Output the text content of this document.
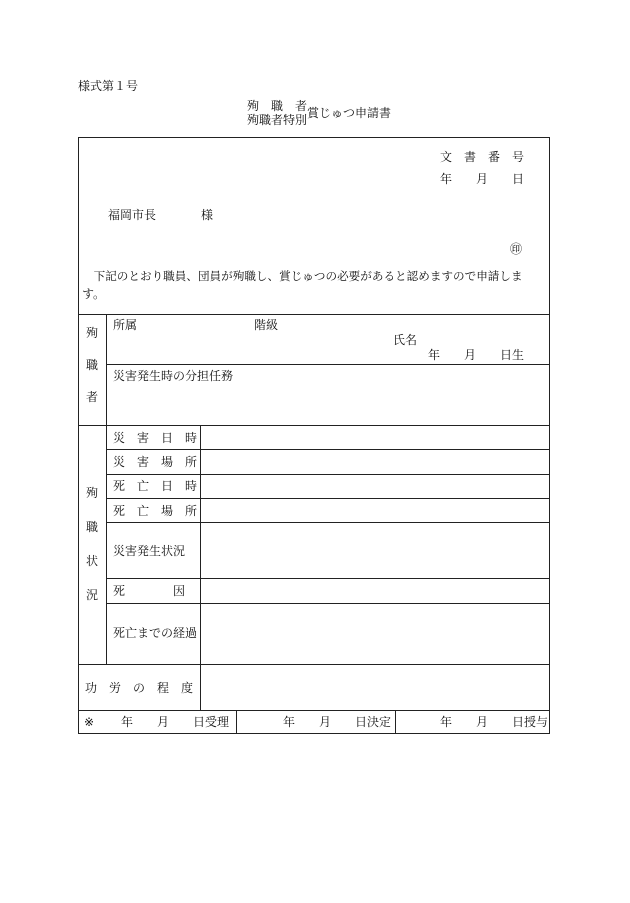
様式第１号
殉　職　者
殉職者特別 賞じゅつ申請書
文　書　番　号
年　　月　　日
福岡市長	様
㊞
　下記のとおり職員、団員が殉職し、賞じゅつの必要があると認めますので申請しま
す。
殉
職
者
所属	階級
氏名
年　　月　　日生
災害発生時の分担任務
殉
職
状
況
災　害　日　時
災　害　場　所
死　亡　日　時
死　亡　場　所
災害発生状況
死　　　　因
死亡までの経過
功　労　の　程　度
※ 年　　月　　日受理	年　　月　　日決定	年　　月　　日授与
